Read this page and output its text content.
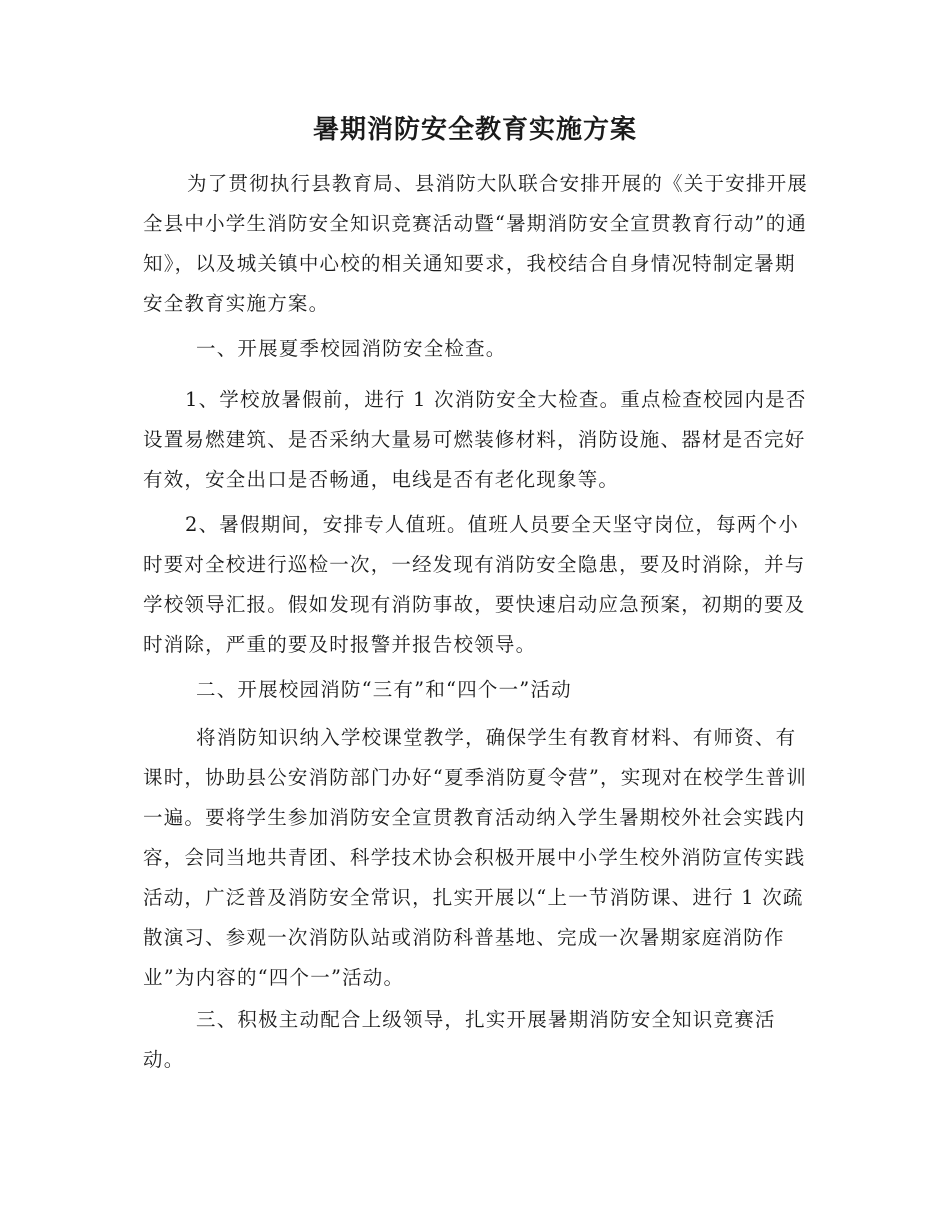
暑期消防安全教育实施方案

为了贯彻执行县教育局、县消防大队联合安排开展的《关于安排开展全县中小学生消防安全知识竞赛活动暨“暑期消防安全宣贯教育行动”的通知》，以及城关镇中心校的相关通知要求，我校结合自身情况特制定暑期安全教育实施方案。

一、开展夏季校园消防安全检查。

1、学校放暑假前，进行 1 次消防安全大检查。重点检查校园内是否设置易燃建筑、是否采纳大量易可燃装修材料，消防设施、器材是否完好有效，安全出口是否畅通，电线是否有老化现象等。

2、暑假期间，安排专人值班。值班人员要全天坚守岗位，每两个小时要对全校进行巡检一次，一经发现有消防安全隐患，要及时消除，并与学校领导汇报。假如发现有消防事故，要快速启动应急预案，初期的要及时消除，严重的要及时报警并报告校领导。

二、开展校园消防“三有”和“四个一”活动

将消防知识纳入学校课堂教学，确保学生有教育材料、有师资、有课时，协助县公安消防部门办好“夏季消防夏令营”，实现对在校学生普训一遍。要将学生参加消防安全宣贯教育活动纳入学生暑期校外社会实践内容，会同当地共青团、科学技术协会积极开展中小学生校外消防宣传实践活动，广泛普及消防安全常识，扎实开展以“上一节消防课、进行 1 次疏散演习、参观一次消防队站或消防科普基地、完成一次暑期家庭消防作业”为内容的“四个一”活动。

三、积极主动配合上级领导，扎实开展暑期消防安全知识竞赛活动。
